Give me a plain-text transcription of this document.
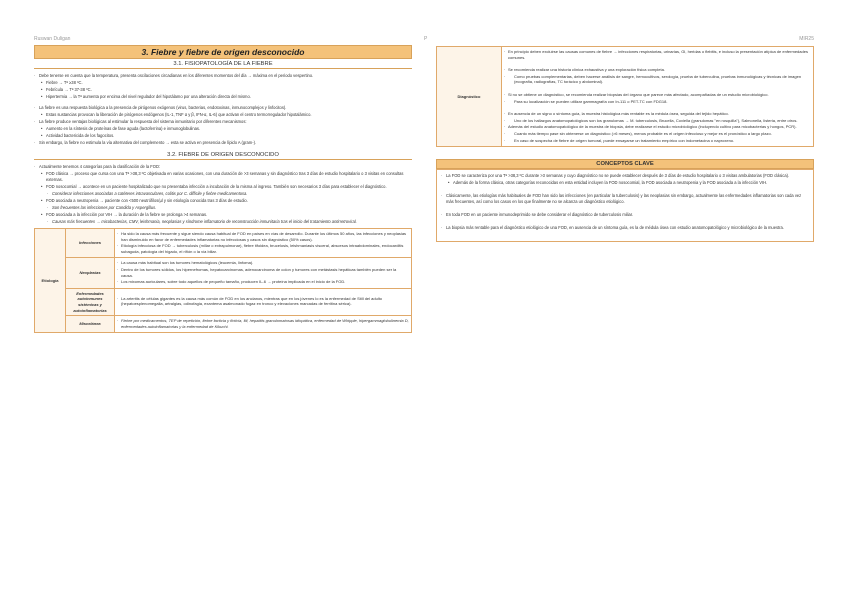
Ruswan Duligan	P
3. Fiebre y fiebre de origen desconocido
3.1. FISIOPATOLOGÍA DE LA FIEBRE
· Debe tenerse en cuenta que la temperatura, presenta oscilaciones circadianas en los diferentes momentos del día → máxima en el periodo vespertino.
• Fiebre → Tª ≥38 ºC.
• Febrícula → Tª 37-38 ºC.
• Hipertermia → la Tª aumenta por encima del nivel regulador del hipotálamo por una alteración directa del mismo.
· La fiebre es una respuesta biológica a la presencia de pirógenos exógenos (virus, bacterias, endotoxinas, inmunocomplejos y linfocitos).
• Estas sustancias provocan la liberación de pirógenos endógenos (IL-1, TNF α y β, IFN-α, IL-6) que activan el centro termorregulador hipotalámico.
· La fiebre produce ventajas biológicas al estimular la respuesta del sistema inmunitario por diferentes mecanismos:
• Aumento en la síntesis de proteínas de fase aguda (lactoferrina) e inmunoglobulinas.
• Actividad bactericida de los fagocitos.
· Sin embargo, la fiebre no estimula la vía alternativa del complemento → esta se activa en presencia de lípido A (gram-).
3.2. FIEBRE DE ORIGEN DESCONOCIDO
· Actualmente tenemos 4 categorías para la clasificación de la FOD:
• FOD clásica → proceso que cursa con una Tª >38,3 ºC objetivada en varias ocasiones, con una duración de >3 semanas y sin diagnóstico tras 3 días de estudio hospitalario o 3 visitas en consultas externas.
• FOD nosocomial → acontece en un paciente hospitalizado que no presentaba infección a incubación de la misma al ingreso. También son necesarios 3 días para establecer el diagnóstico.
· Considerar infecciones asociadas a catéteres intravasculares, colitis por C. difficile y fiebre medicamentosa.
• FOD asociada a neutropenia → paciente con <500 neutrófilos/µl y sin etiología conocida tras 3 días de estudio.
· Son frecuentes las infecciones por Candida y Aspergillus.
• FOD asociada a la infección por VIH → la duración de la fiebre se prolonga >4 semanas.
· Causas más frecuentes → micobacterias, CMV, leishmania, neoplasias y síndrome inflamatorio de reconstrucción inmunitaria tras el inicio del tratamiento antirretroviral.
Etiología	Infecciones	· Ha sido la causa más frecuente y sigue siendo causa habitual de FOD en países en vías de desarrollo. Durante los últimos 50 años, las infecciones y neoplasias han disminuido en favor de enfermedades inflamatorias no infecciosas y casos sin diagnóstico (50% casos).

· Etiología infecciosa de FOD → tuberculosis (miliar o extrapulmonar), fiebre tifoidea, brucelosis, leishmaniasis visceral, abscesos intraabdominales, endocarditis subaguda, patología del hígado, el riñón o la vía biliar.

	Neoplasias	· La causa más habitual son los tumores hematológicos (leucemia, linfoma).

· Dentro de los tumores sólidos, los hipernefromas, hepatocarcinomas, adenocarcinoma de colon y tumores con metástasis hepáticas también pueden ser la causa.

· Los mixomas auriculares, sobre todo aquellos de pequeño tamaño, producen IL-6 → proteína implicada en el inicio de la FOD.

	Enfermedades autoinmunes sistémicas y autoinflamatorias	· La arteritis de células gigantes es la causa más común de FOD en los ancianos, mientras que en los jóvenes lo es la enfermedad de Still del adulto (hepatoesplenomegalia, artralgias, odinofagia, exantema asalmonado fugaz en tronco y elevaciones marcadas de ferritina sérica).

	Miscelánea	· Fiebre por medicamentos, TEP de repetición, fiebre facticia y ficticia, fiil, hepatitis granulomatosas idiopática, enfermedad de Whipple, hipergammaglobulinemia D, enfermedades autoinflamatorias y la enfermedad de Kikuchi.

MIR25
Diagnóstico	

· En principio deben excluirse las causas comunes de fiebre → infecciones respiratorias, urinarias, GI, heridas o flebitis, e incluso la presentación atípica de enfermedades comunes.

· Se recomienda realizar una historia clínica exhaustiva y una exploración física completa.

· Como pruebas complementarias, deben hacerse análisis de sangre, hemocultivos, serología, prueba de tuberculina, pruebas inmunológicas y técnicas de imagen (ecografía, radiografías, TC torácico y abdominal).

· Si no se obtiene un diagnóstico, se recomienda realizar biopsias del órgano que parece más afectado, acompañadas de un estudio microbiológico.

· Para su localización se pueden utilizar gammagrafía con In-111 o PET-TC con FDG18.

· En ausencia de un signo o síntoma guía, la muestra histológica más rentable es la médula ósea, seguida del tejido hepático.

· Uno de los hallazgos anatomopatológicos son los granulomas → M. tuberculosis, Brucella, Coxiella (granulomas "en rosquilla"), Salmonella, listeria, entre otros.

· Además del estudio anatomopatológico de la muestra de biopsia, debe realizarse el estudio microbiológico (incluyendo cultivo para micobacterias y hongos, PCR).

· Cuanto más tiempo pase sin obtenerse un diagnóstico (>6 meses), menos probable es el origen infeccioso y mejor es el pronóstico a largo plazo.

· En caso de sospecha de fiebre de origen tumoral, puede ensayarse un tratamiento empírico con indometacina o naproxeno.

CONCEPTOS CLAVE
· La FOD se caracteriza por una Tª >38,3 ºC durante >3 semanas y cuyo diagnóstico no se puede establecer después de 3 días de estudio hospitalario o 3 visitas ambulatorias (FOD clásica).
• Además de la forma clásica, otras categorías reconocidas en esta entidad incluyen la FOD nosocomial, la FOD asociada a neutropenia y la FOD asociada a la infección VIH.
· Clásicamente, las etiologías más habituales de FOD han sido las infecciones (en particular la tuberculosis) y las neoplasias sin embargo, actualmente las enfermedades inflamatorias son cada vez más frecuentes, así como los casos en los que finalmente no se alcanza un diagnóstico etiológico.
· En toda FOD en un paciente inmunodeprimido se debe considerar el diagnóstico de tuberculosis miliar.
· La biopsia más rentable para el diagnóstico etiológico de una FOD, en ausencia de un síntoma guía, es la de médula ósea con estudio anatomopatológico y microbiológico de la muestra.
